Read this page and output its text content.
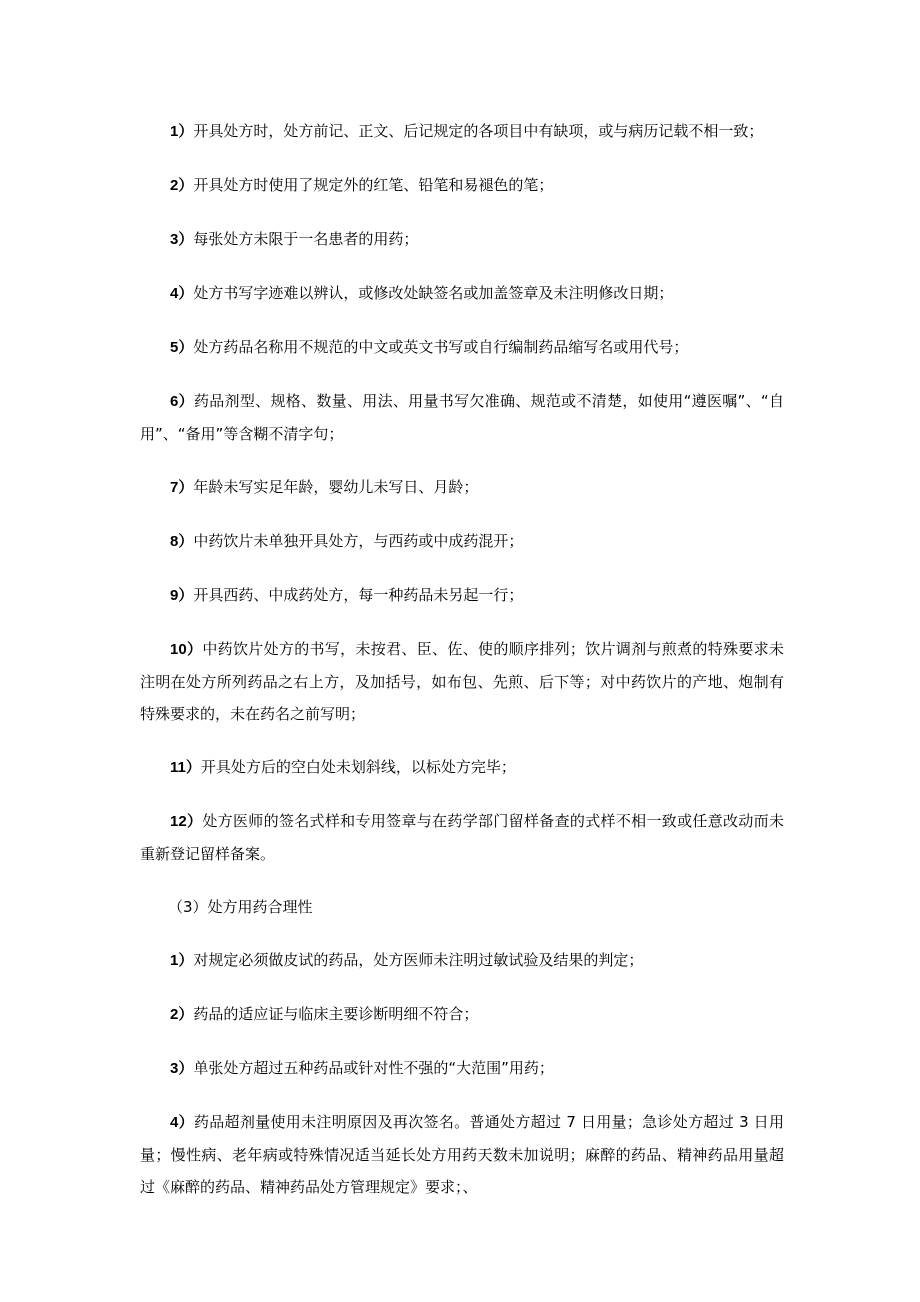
1）开具处方时，处方前记、正文、后记规定的各项目中有缺项，或与病历记载不相一致；

2）开具处方时使用了规定外的红笔、铅笔和易褪色的笔；

3）每张处方未限于一名患者的用药；

4）处方书写字迹难以辨认，或修改处缺签名或加盖签章及未注明修改日期；

5）处方药品名称用不规范的中文或英文书写或自行编制药品缩写名或用代号；

6）药品剂型、规格、数量、用法、用量书写欠准确、规范或不清楚，如使用“遵医嘱”、“自用”、“备用”等含糊不清字句；

7）年龄未写实足年龄，婴幼儿未写日、月龄；

8）中药饮片未单独开具处方，与西药或中成药混开；

9）开具西药、中成药处方，每一种药品未另起一行；

10）中药饮片处方的书写，未按君、臣、佐、使的顺序排列；饮片调剂与煎煮的特殊要求未注明在处方所列药品之右上方，及加括号，如布包、先煎、后下等；对中药饮片的产地、炮制有特殊要求的，未在药名之前写明；

11）开具处方后的空白处未划斜线，以标处方完毕；

12）处方医师的签名式样和专用签章与在药学部门留样备查的式样不相一致或任意改动而未重新登记留样备案。

（3）处方用药合理性

1）对规定必须做皮试的药品，处方医师未注明过敏试验及结果的判定；

2）药品的适应证与临床主要诊断明细不符合；

3）单张处方超过五种药品或针对性不强的“大范围”用药；

4）药品超剂量使用未注明原因及再次签名。普通处方超过 7 日用量；急诊处方超过 3 日用量；慢性病、老年病或特殊情况适当延长处方用药天数未加说明；麻醉的药品、精神药品用量超过《麻醉的药品、精神药品处方管理规定》要求；、
